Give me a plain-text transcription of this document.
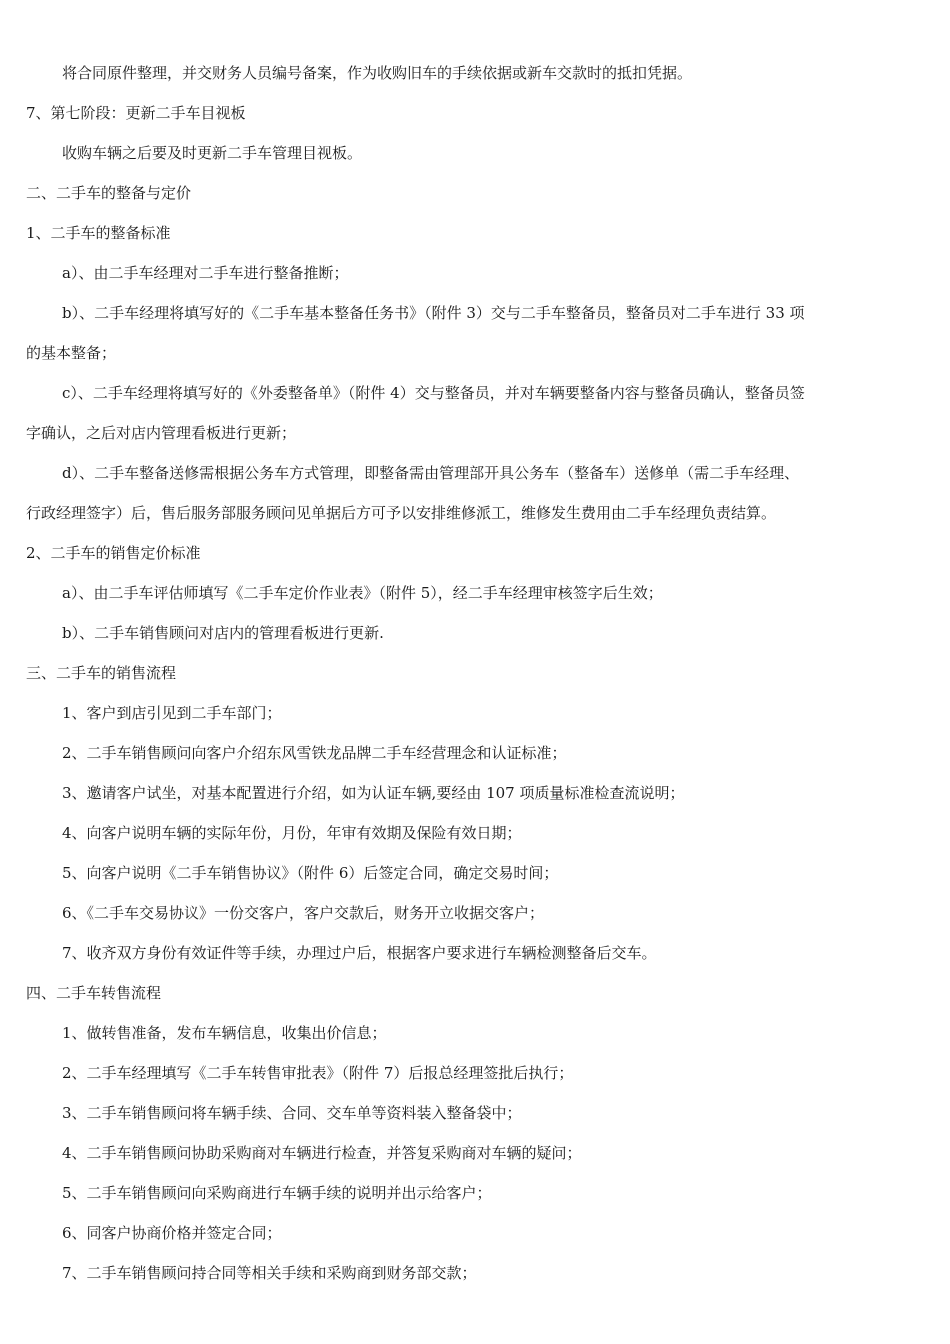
将合同原件整理，并交财务人员编号备案，作为收购旧车的手续依据或新车交款时的抵扣凭据。
7、第七阶段：更新二手车目视板
收购车辆之后要及时更新二手车管理目视板。
二、二手车的整备与定价
1、二手车的整备标准
a）、由二手车经理对二手车进行整备推断；
b）、二手车经理将填写好的《二手车基本整备任务书》（附件 3）交与二手车整备员，整备员对二手车进行 33 项
的基本整备；
c）、二手车经理将填写好的《外委整备单》（附件 4）交与整备员，并对车辆要整备内容与整备员确认，整备员签
字确认，之后对店内管理看板进行更新；
d）、二手车整备送修需根据公务车方式管理，即整备需由管理部开具公务车（整备车）送修单（需二手车经理、
行政经理签字）后，售后服务部服务顾问见单据后方可予以安排维修派工，维修发生费用由二手车经理负责结算。
2、二手车的销售定价标准
a）、由二手车评估师填写《二手车定价作业表》（附件 5），经二手车经理审核签字后生效；
b）、二手车销售顾问对店内的管理看板进行更新.
三、二手车的销售流程
1、客户到店引见到二手车部门；
2、二手车销售顾问向客户介绍东风雪铁龙品牌二手车经营理念和认证标准；
3、邀请客户试坐，对基本配置进行介绍，如为认证车辆,要经由 107 项质量标准检查流说明；
4、向客户说明车辆的实际年份，月份，年审有效期及保险有效日期；
5、向客户说明《二手车销售协议》（附件 6）后签定合同，确定交易时间；
6、《二手车交易协议》一份交客户，客户交款后，财务开立收据交客户；
7、收齐双方身份有效证件等手续，办理过户后，根据客户要求进行车辆检测整备后交车。
四、二手车转售流程
1、做转售准备，发布车辆信息，收集出价信息；
2、二手车经理填写《二手车转售审批表》（附件 7）后报总经理签批后执行；
3、二手车销售顾问将车辆手续、合同、交车单等资料装入整备袋中；
4、二手车销售顾问协助采购商对车辆进行检查，并答复采购商对车辆的疑问；
5、二手车销售顾问向采购商进行车辆手续的说明并出示给客户；
6、同客户协商价格并签定合同；
7、二手车销售顾问持合同等相关手续和采购商到财务部交款；
